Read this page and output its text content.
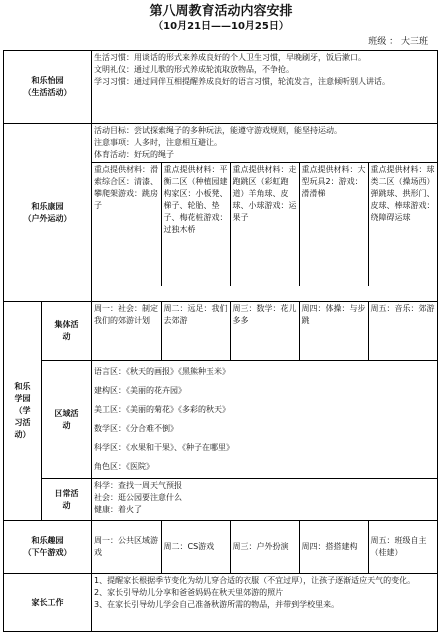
第八周教育活动内容安排
（10月21日——10月25日）
班级 ： 大三班
和乐怡园
（生活活动）

生活习惯：用谈话的形式来养成良好的个人卫生习惯，早晚刷牙，饭后漱口。
文明礼仪：通过儿歌的形式养成轮流取放物品，不争抢。
学习习惯：通过同伴互相提醒养成良好的语言习惯，轮流发言，注意倾听别人讲话。

和乐康园
（户外运动）

活动目标：尝试探索绳子的多种玩法，能遵守游戏规则，能坚持运动。
注意事项：人多时，注意相互避让。
体育活动：好玩的绳子
重点提供材料：滑索综合区：清漆、攀爬架游戏：跳房子	重点提供材料：平衡二区（种植园建构家区：小板凳、梯子、轮胎、垫子、梅花桩游戏：过独木桥	重点提供材料：走跑跳区（彩虹跑道）羊角球、皮球、小球游戏：运果子	重点提供材料：大型玩具2：游戏：滑滑梯	重点提供材料：球类二区（操场西）弹跳球、拱形门、皮球、棒球游戏：绕障碍运球

和乐
学园
（学
习活
动）

集体活
动

周一：社会：制定我们的郊游计划	周二：远足：我们去郊游	周三：数学：花儿多多	周四：体操：与步跳	周五：音乐：郊游

区域活
动

语言区：《秋天的画报》《黑熊种玉米》
建构区：《美丽的花卉园》
美工区：《美丽的菊花》《多彩的秋天》
数学区：《分合难不倒》
科学区：《水果和干果》、《种子在哪里》
角色区：《医院》

日常活
动

科学：查找一周天气预报
社会：逛公园要注意什么
健康：着火了

和乐趣园
（下午游戏）

周一：公共区域游戏	周二：CS游戏	周三：户外扮演	周四：搭搭建构	周五：班级自主（桂建）

家长工作	
1、提醒家长根据季节变化为幼儿穿合适的衣服（不宜过厚），让孩子逐渐适应天气的变化。
2、家长引导幼儿分享和爸爸妈妈在秋天里郊游的照片
3、在家长引导幼儿学会自己准备秋游所需的物品，并带到学校里来。
